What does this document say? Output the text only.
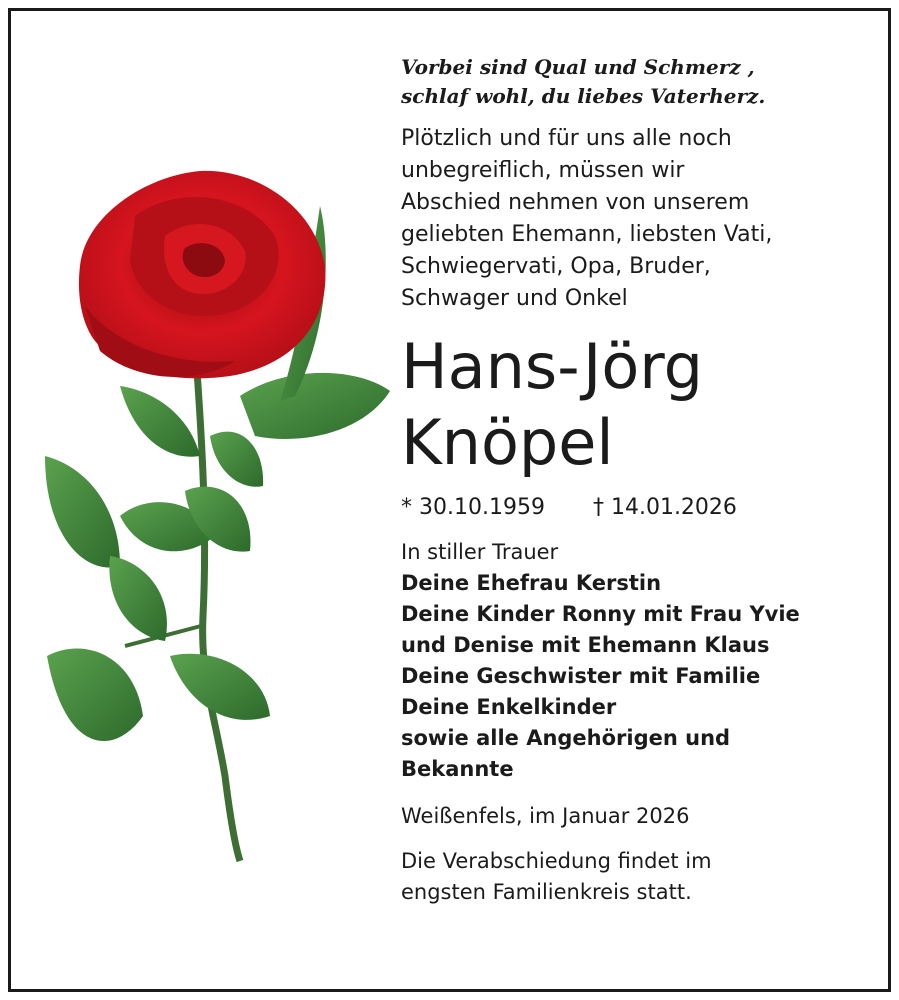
Vorbei sind Qual und Schmerz ,
schlaf wohl, du liebes Vaterherz.

Plötzlich und für uns alle noch
unbegreiflich, müssen wir
Abschied nehmen von unserem
geliebten Ehemann, liebsten Vati,
Schwiegervati, Opa, Bruder,
Schwager und Onkel

Hans-Jörg
Knöpel

* 30.10.1959 † 14.01.2026

In stiller Trauer

Deine Ehefrau Kerstin
Deine Kinder Ronny mit Frau Yvie
und Denise mit Ehemann Klaus
Deine Geschwister mit Familie
Deine Enkelkinder
sowie alle Angehörigen und
Bekannte

Weißenfels, im Januar 2026

Die Verabschiedung findet im
engsten Familienkreis statt.
